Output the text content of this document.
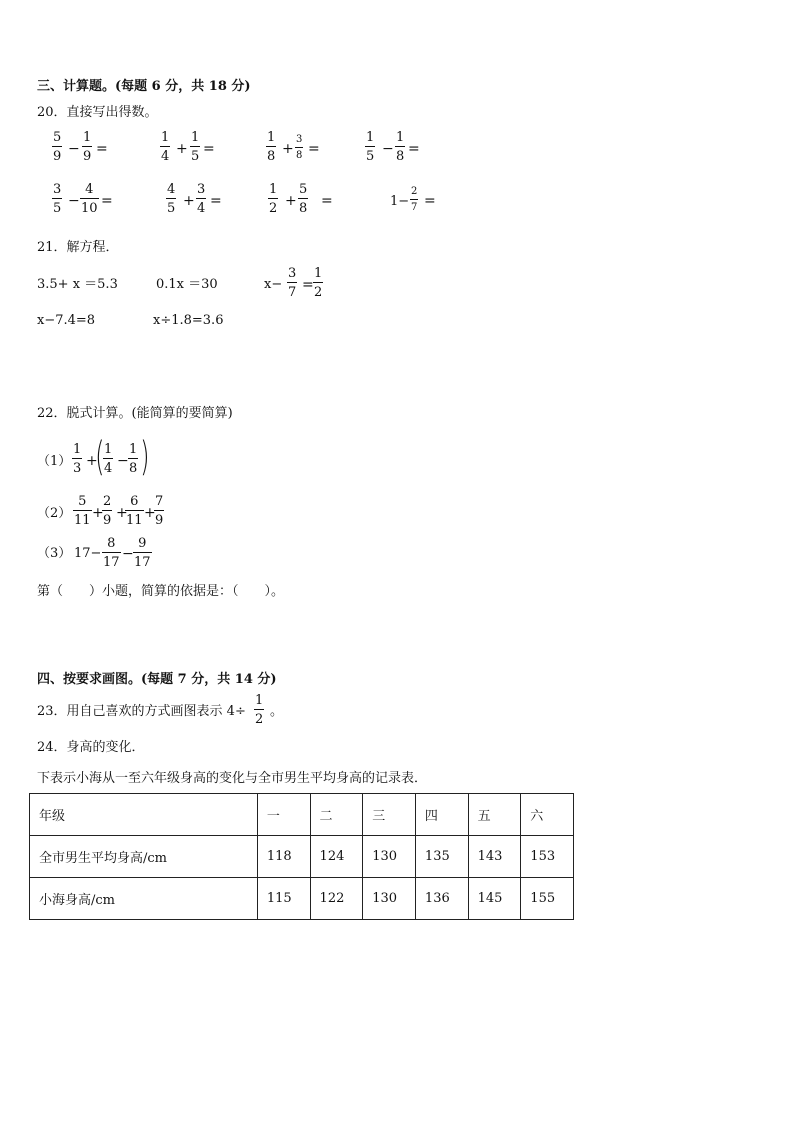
三、计算题。(每题 6 分，共 18 分)
20．直接写出得数。
$\frac{5}{9} - \frac{1}{9}$ =	$\frac{1}{4} + \frac{1}{5}$ =	$\frac{1}{8} + \frac{3}{8}$ =	$\frac{1}{5} - \frac{1}{8}$ =
$\frac{3}{5} - \frac{4}{10}$ =	$\frac{4}{5} + \frac{3}{4}$ =	$\frac{1}{2} + \frac{5}{8}$ =	$1- \frac{2}{7}$ =
21．解方程．
3.5+ x ＝5.3	0.1x ＝30	$x- \frac{3}{7} = \frac{1}{2}$
x−7.4=8	x÷1.8=3.6
22．脱式计算。(能简算的要简算)
$(1) \frac{1}{3}$ +
(
$\frac{1}{4} - \frac{1}{8}$ )
$(2) \frac{5}{11}$ +
$\frac{2}{9}$ +
$\frac{6}{11}$ +
$\frac{7}{9}$
（3） $17- \frac{8}{17} - \frac{9}{17}$
第（　　）小题，简算的依据是：（　　）。
四、按要求画图。(每题 7 分，共 14 分)
23．用自己喜欢的方式画图表示 $4\div \frac{1}{2}$ 。
24．身高的变化．
下表示小海从一至六年级身高的变化与全市男生平均身高的记录表．
年级	一	二	三	四	五	六
全市男生平均身高/cm	118	124	130	135	143	153
小海身高/cm	115	122	130	136	145	155
